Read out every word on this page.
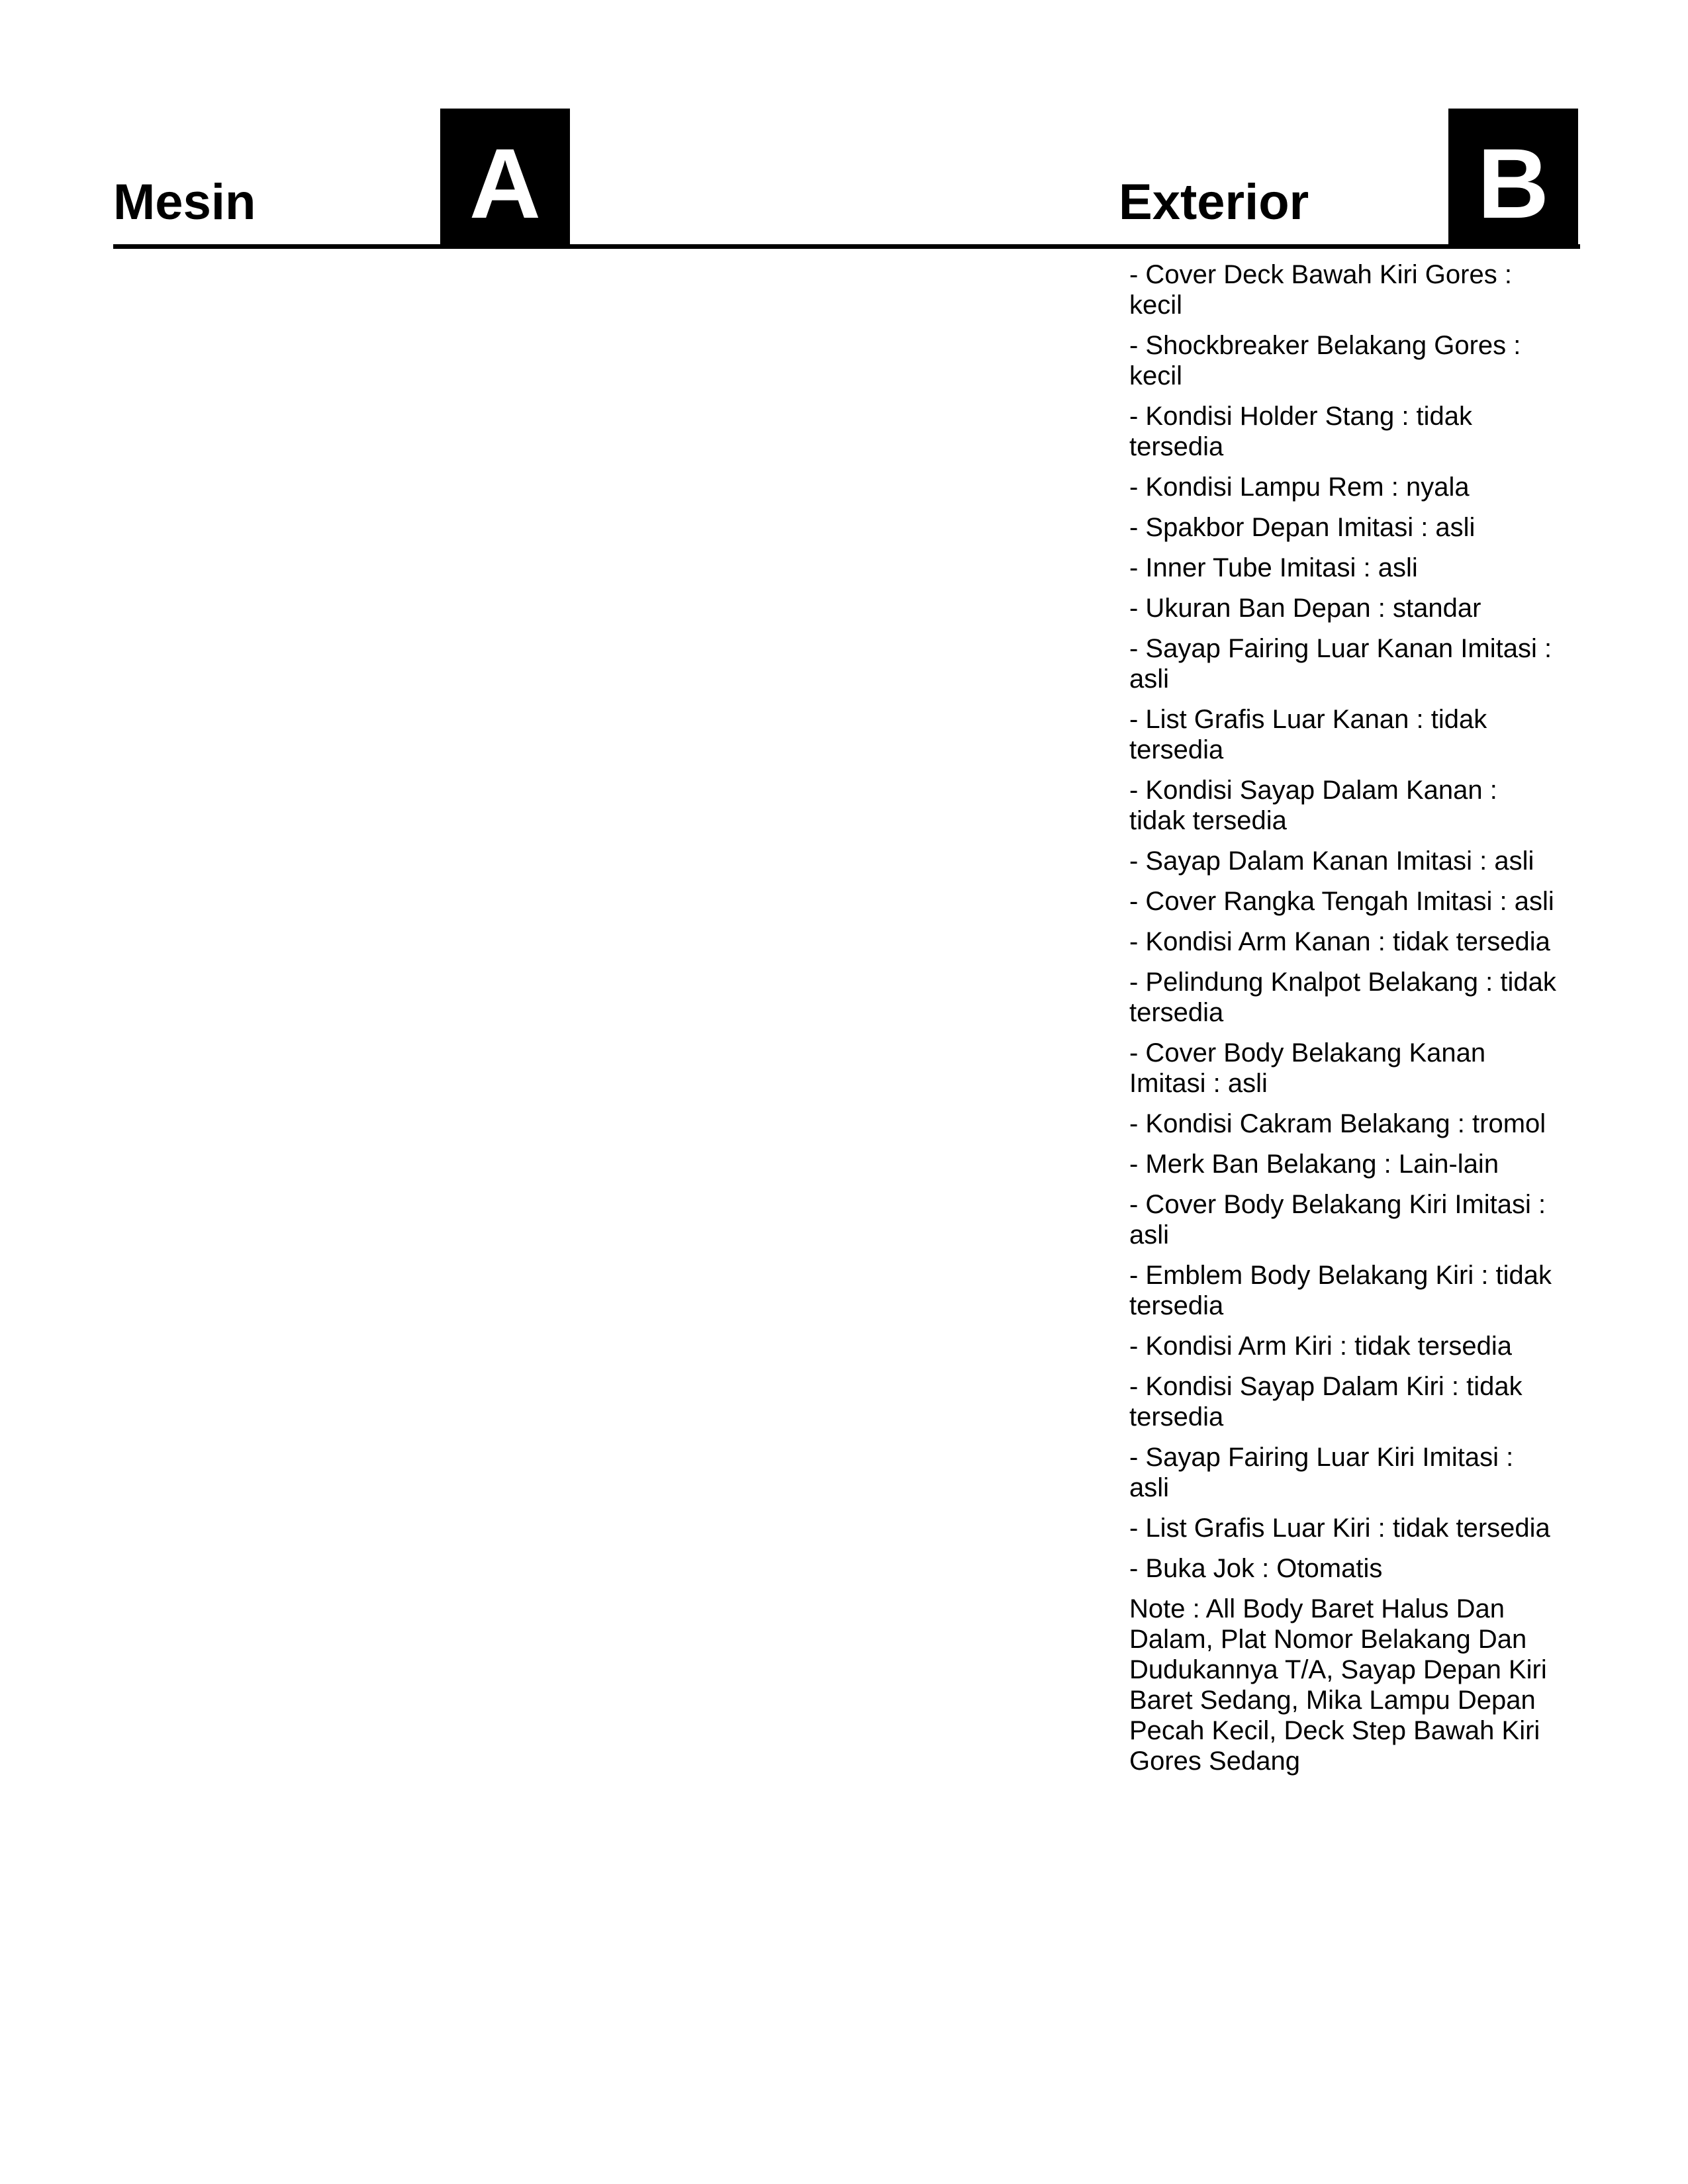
Mesin A	Exterior B
- Cover Deck Bawah Kiri Gores : kecil
- Shockbreaker Belakang Gores : kecil
- Kondisi Holder Stang : tidak tersedia
- Kondisi Lampu Rem : nyala
- Spakbor Depan Imitasi : asli
- Inner Tube Imitasi : asli
- Ukuran Ban Depan : standar
- Sayap Fairing Luar Kanan Imitasi : asli
- List Grafis Luar Kanan : tidak tersedia
- Kondisi Sayap Dalam Kanan : tidak tersedia
- Sayap Dalam Kanan Imitasi : asli
- Cover Rangka Tengah Imitasi : asli
- Kondisi Arm Kanan : tidak tersedia
- Pelindung Knalpot Belakang : tidak tersedia
- Cover Body Belakang Kanan Imitasi : asli
- Kondisi Cakram Belakang : tromol
- Merk Ban Belakang : Lain-lain
- Cover Body Belakang Kiri Imitasi : asli
- Emblem Body Belakang Kiri : tidak tersedia
- Kondisi Arm Kiri : tidak tersedia
- Kondisi Sayap Dalam Kiri : tidak tersedia
- Sayap Fairing Luar Kiri Imitasi : asli
- List Grafis Luar Kiri : tidak tersedia
- Buka Jok : Otomatis
Note : All Body Baret Halus Dan Dalam, Plat Nomor Belakang Dan Dudukannya T/A, Sayap Depan Kiri Baret Sedang, Mika Lampu Depan Pecah Kecil, Deck Step Bawah Kiri Gores Sedang
